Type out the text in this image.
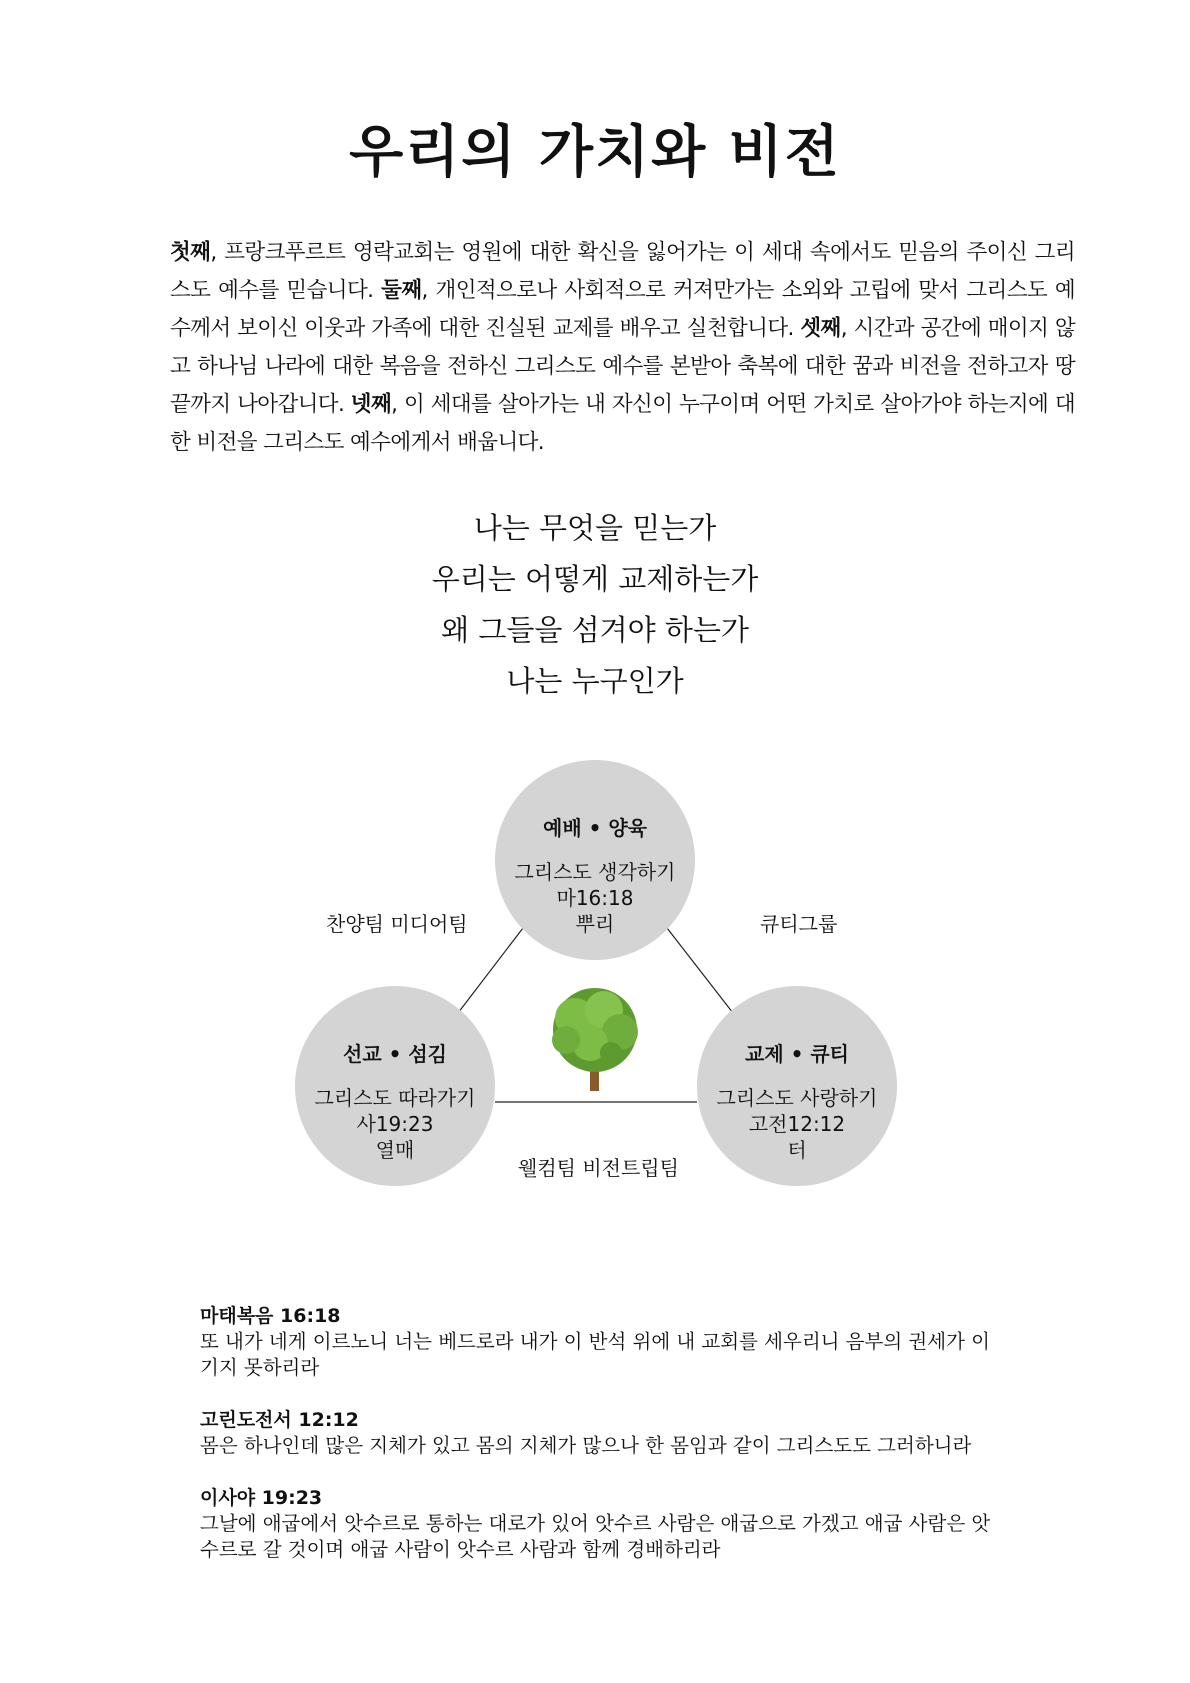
우리의 가치와 비전

첫째, 프랑크푸르트 영락교회는 영원에 대한 확신을 잃어가는 이 세대 속에서도 믿음의 주이신 그리스도 예수를 믿습니다. 둘째, 개인적으로나 사회적으로 커져만가는 소외와 고립에 맞서 그리스도 예수께서 보이신 이웃과 가족에 대한 진실된 교제를 배우고 실천합니다. 셋째, 시간과 공간에 매이지 않고 하나님 나라에 대한 복음을 전하신 그리스도 예수를 본받아 축복에 대한 꿈과 비전을 전하고자 땅 끝까지 나아갑니다. 넷째, 이 세대를 살아가는 내 자신이 누구이며 어떤 가치로 살아가야 하는지에 대한 비전을 그리스도 예수에게서 배웁니다.

나는 무엇을 믿는가
우리는 어떻게 교제하는가
왜 그들을 섬겨야 하는가
나는 누구인가
예배 • 양육
그리스도 생각하기
마16:18
뿌리
선교 • 섬김
그리스도 따라가기
사19:23
열매
교제 • 큐티
그리스도 사랑하기
고전12:12
터
찬양팀 미디어팀	큐티그룹
웰컴팀 비전트립팀
마태복음 16:18
또 내가 네게 이르노니 너는 베드로라 내가 이 반석 위에 내 교회를 세우리니 음부의 권세가 이기지 못하리라
고린도전서 12:12
몸은 하나인데 많은 지체가 있고 몸의 지체가 많으나 한 몸임과 같이 그리스도도 그러하니라
이사야 19:23
그날에 애굽에서 앗수르로 통하는 대로가 있어 앗수르 사람은 애굽으로 가겠고 애굽 사람은 앗수르로 갈 것이며 애굽 사람이 앗수르 사람과 함께 경배하리라
